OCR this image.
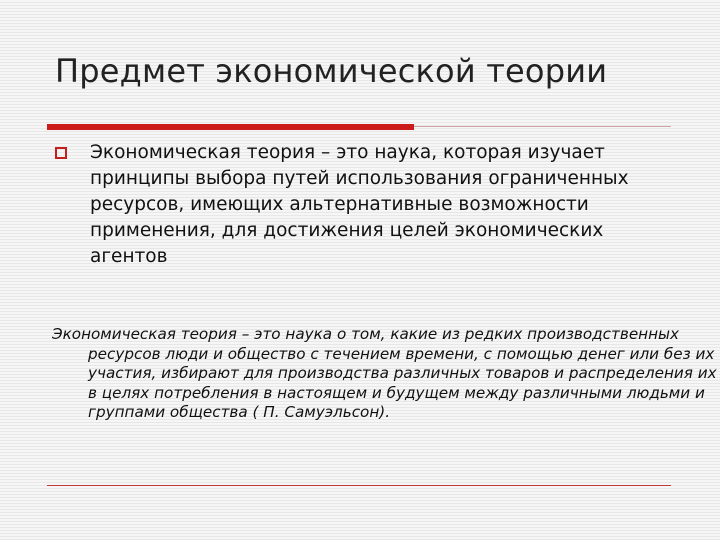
Предмет экономической теории
Экономическая теория – это наука, которая изучает принципы выбора путей использования ограниченных ресурсов, имеющих альтернативные возможности применения, для достижения целей экономических агентов
Экономическая теория – это наука о том, какие из редких производственных ресурсов люди и общество с течением времени, с помощью денег или без их участия, избирают для производства различных товаров и распределения их в целях потребления в настоящем и будущем между различными людьми и группами общества ( П. Самуэльсон).
